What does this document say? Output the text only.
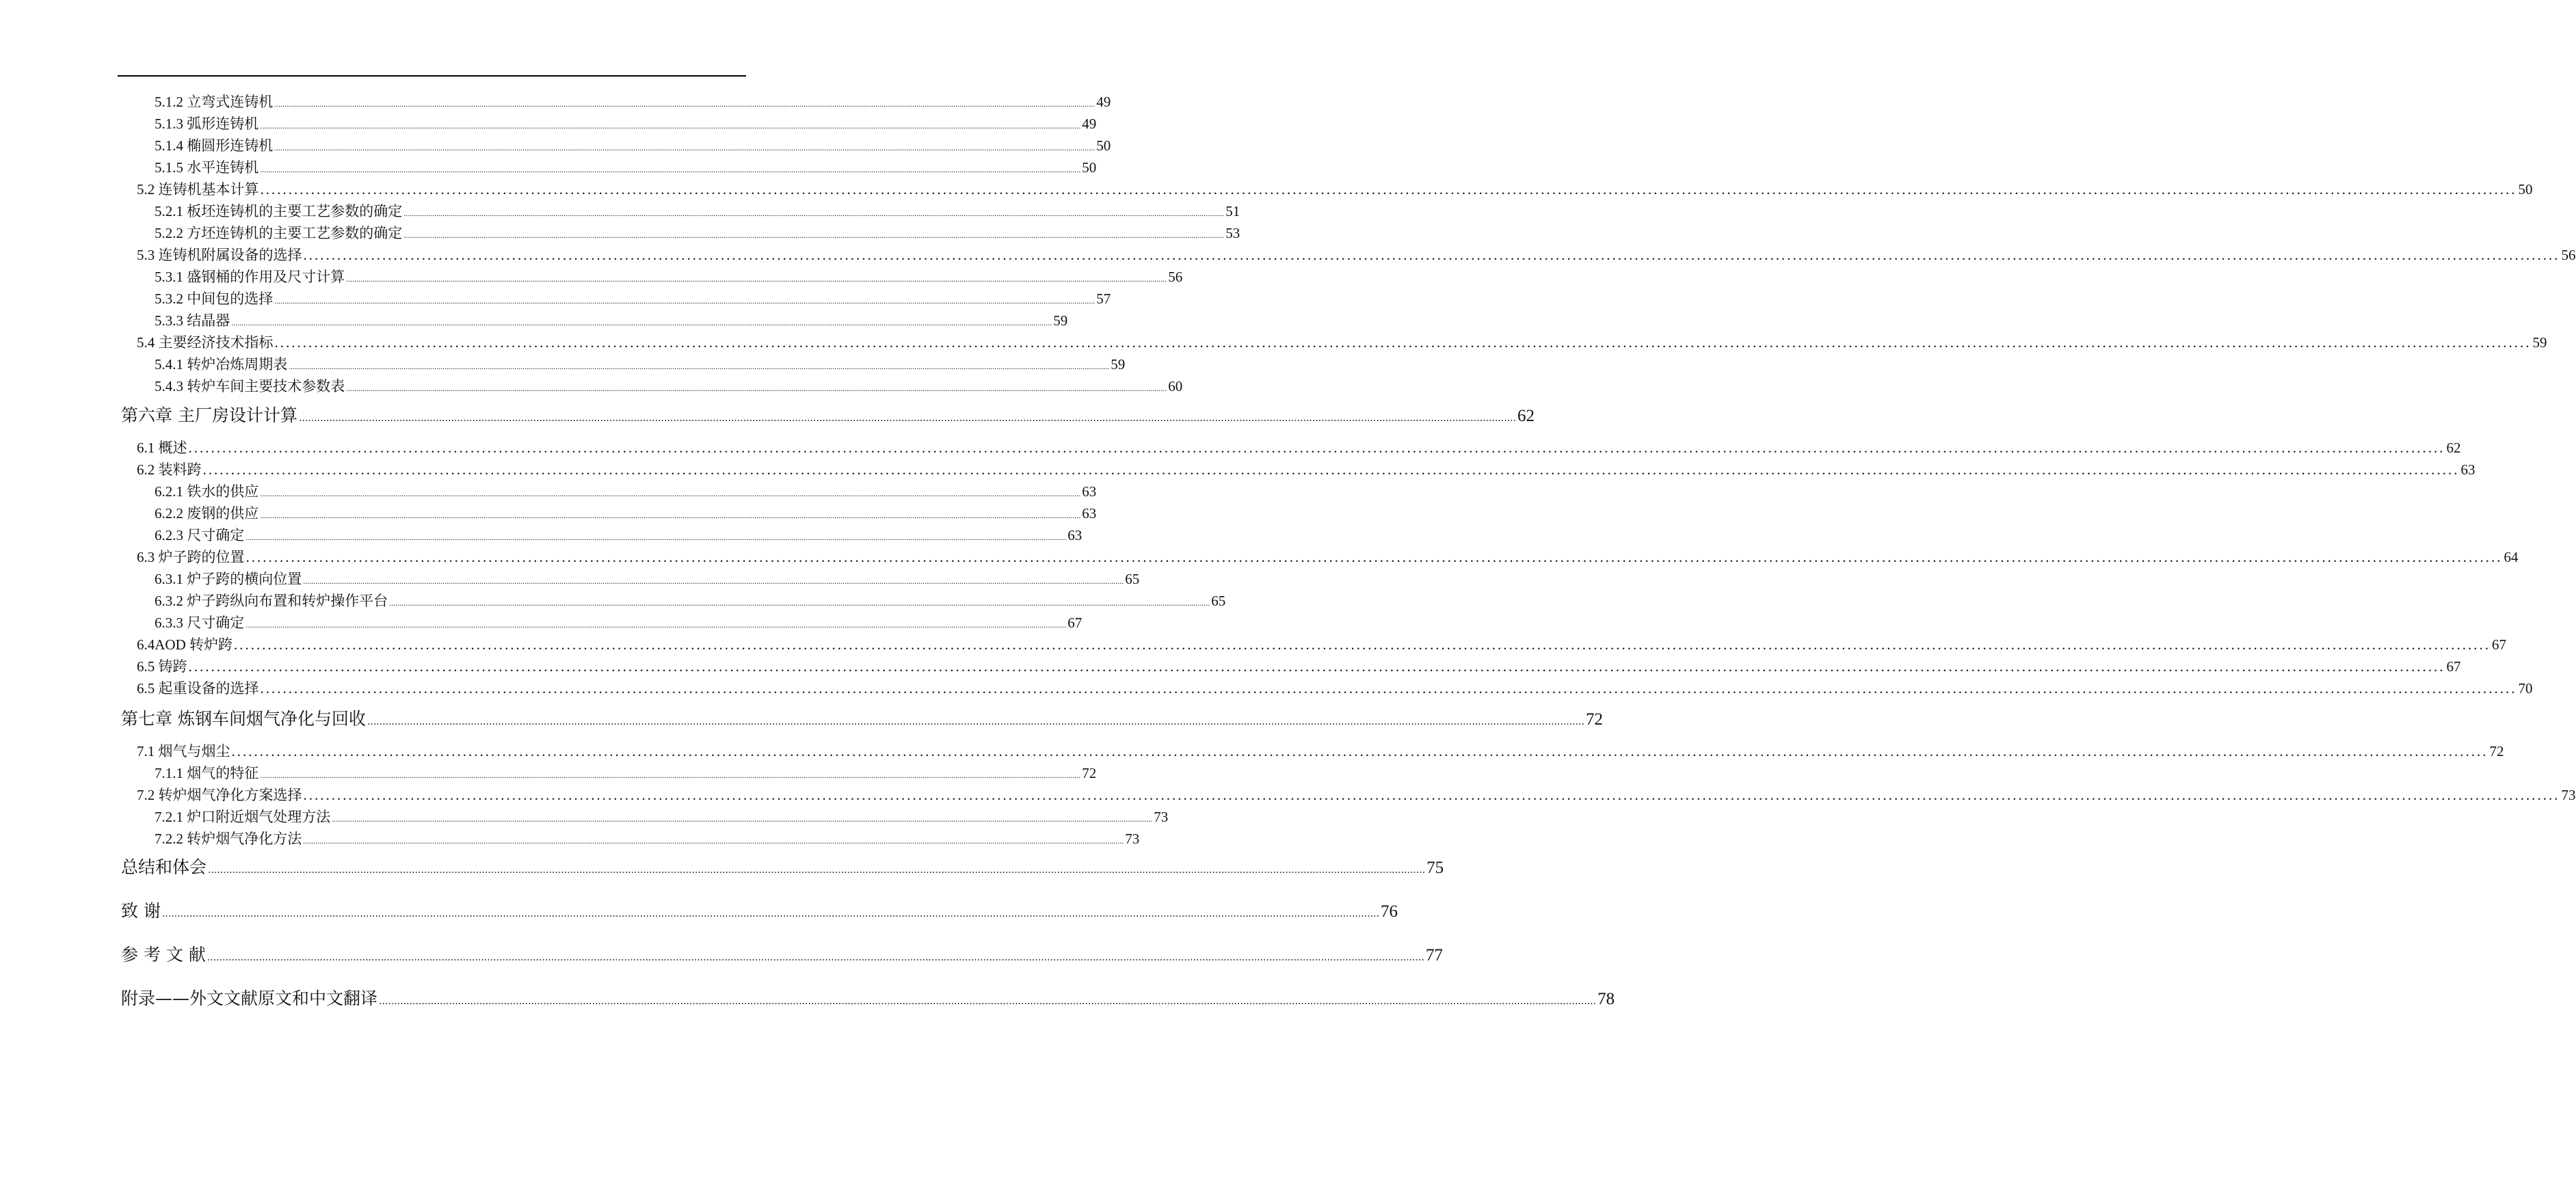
5.1.2 立弯式连铸机 ................................................................................................................................................................................................................................................................................................................................................................................................................ 49
5.1.3 弧形连铸机 ................................................................................................................................................................................................................................................................................................................................................................................................................ 49
5.1.4 椭圆形连铸机 ................................................................................................................................................................................................................................................................................................................................................................................................................ 50
5.1.5 水平连铸机 ................................................................................................................................................................................................................................................................................................................................................................................................................ 50
5.2 连铸机基本计算 ................................................................................................................................................................................................................................................................................................................................................................................................................ 50
5.2.1 板坯连铸机的主要工艺参数的确定 ................................................................................................................................................................................................................................................................................................................................................................................................................ 51
5.2.2 方坯连铸机的主要工艺参数的确定 ................................................................................................................................................................................................................................................................................................................................................................................................................ 53
5.3 连铸机附属设备的选择 ................................................................................................................................................................................................................................................................................................................................................................................................................ 56
5.3.1 盛钢桶的作用及尺寸计算 ................................................................................................................................................................................................................................................................................................................................................................................................................ 56
5.3.2 中间包的选择 ................................................................................................................................................................................................................................................................................................................................................................................................................ 57
5.3.3 结晶器 ................................................................................................................................................................................................................................................................................................................................................................................................................ 59
5.4 主要经济技术指标 ................................................................................................................................................................................................................................................................................................................................................................................................................ 59
5.4.1 转炉冶炼周期表 ................................................................................................................................................................................................................................................................................................................................................................................................................ 59
5.4.3 转炉车间主要技术参数表 ................................................................................................................................................................................................................................................................................................................................................................................................................ 60
第六章 主厂房设计计算 ................................................................................................................................................................................................................................................................................................................................................................................................................ 62
6.1 概述 ................................................................................................................................................................................................................................................................................................................................................................................................................ 62
6.2 装料跨 ................................................................................................................................................................................................................................................................................................................................................................................................................ 63
6.2.1 铁水的供应 ................................................................................................................................................................................................................................................................................................................................................................................................................ 63
6.2.2 废钢的供应 ................................................................................................................................................................................................................................................................................................................................................................................................................ 63
6.2.3 尺寸确定 ................................................................................................................................................................................................................................................................................................................................................................................................................ 63
6.3 炉子跨的位置 ................................................................................................................................................................................................................................................................................................................................................................................................................ 64
6.3.1 炉子跨的横向位置 ................................................................................................................................................................................................................................................................................................................................................................................................................ 65
6.3.2 炉子跨纵向布置和转炉操作平台 ................................................................................................................................................................................................................................................................................................................................................................................................................ 65
6.3.3 尺寸确定 ................................................................................................................................................................................................................................................................................................................................................................................................................ 67
6.4AOD 转炉跨 ................................................................................................................................................................................................................................................................................................................................................................................................................ 67
6.5 铸跨 ................................................................................................................................................................................................................................................................................................................................................................................................................ 67
6.5 起重设备的选择 ................................................................................................................................................................................................................................................................................................................................................................................................................ 70
第七章 炼钢车间烟气净化与回收 ................................................................................................................................................................................................................................................................................................................................................................................................................ 72
7.1 烟气与烟尘 ................................................................................................................................................................................................................................................................................................................................................................................................................ 72
7.1.1 烟气的特征 ................................................................................................................................................................................................................................................................................................................................................................................................................ 72
7.2 转炉烟气净化方案选择 ................................................................................................................................................................................................................................................................................................................................................................................................................ 73
7.2.1 炉口附近烟气处理方法 ................................................................................................................................................................................................................................................................................................................................................................................................................ 73
7.2.2 转炉烟气净化方法 ................................................................................................................................................................................................................................................................................................................................................................................................................ 73
总结和体会 ................................................................................................................................................................................................................................................................................................................................................................................................................ 75
致 谢 ................................................................................................................................................................................................................................................................................................................................................................................................................ 76
参 考 文 献 ................................................................................................................................................................................................................................................................................................................................................................................................................ 77
附录——外文文献原文和中文翻译 ................................................................................................................................................................................................................................................................................................................................................................................................................ 78
